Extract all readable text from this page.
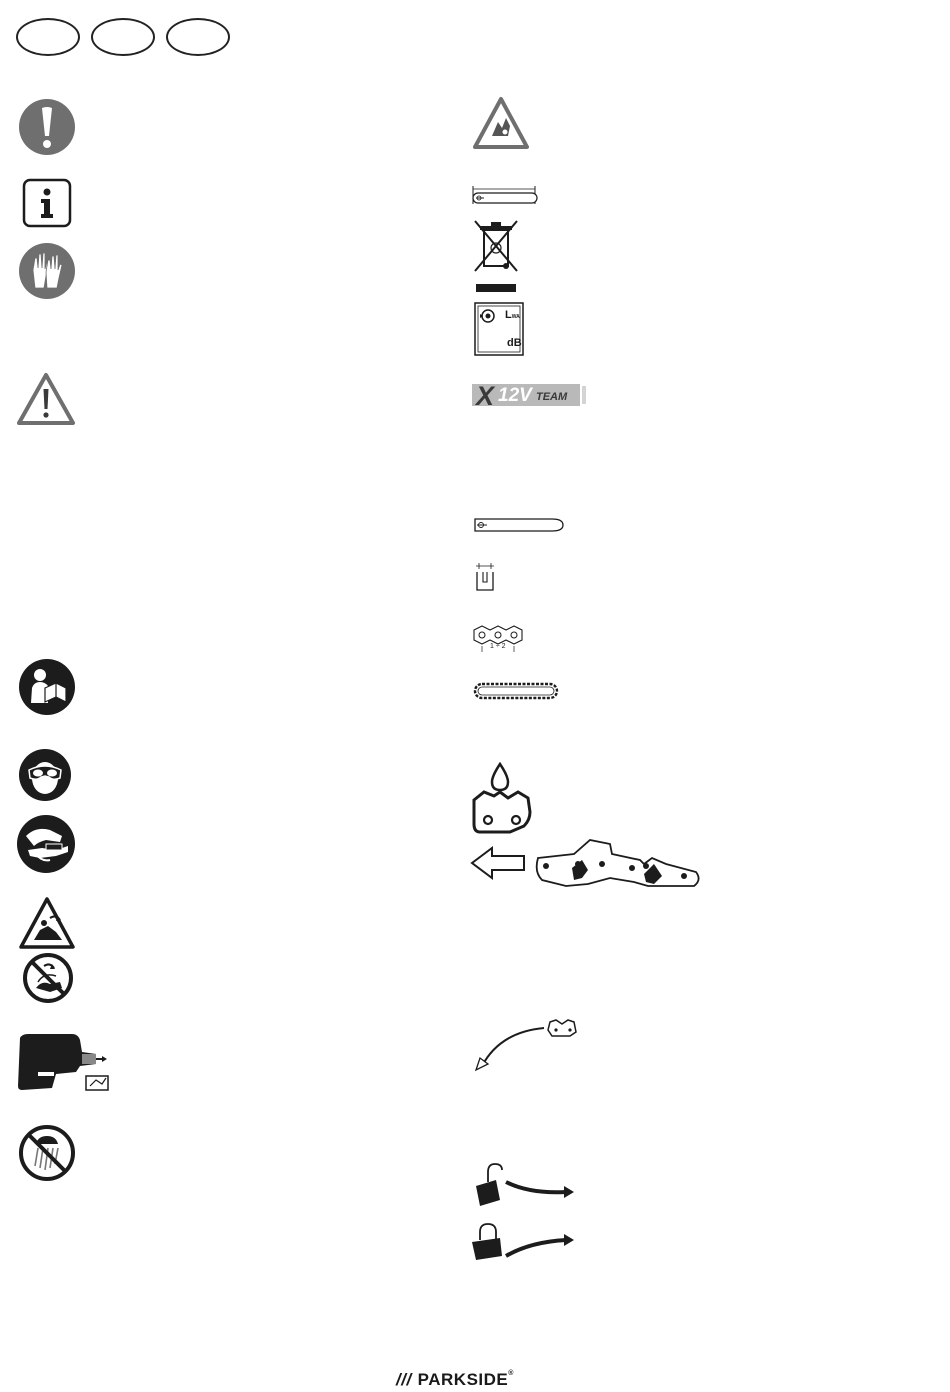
LWA
dB
X 12V TEAM
1 ÷ 2
/// PARKSIDE®
